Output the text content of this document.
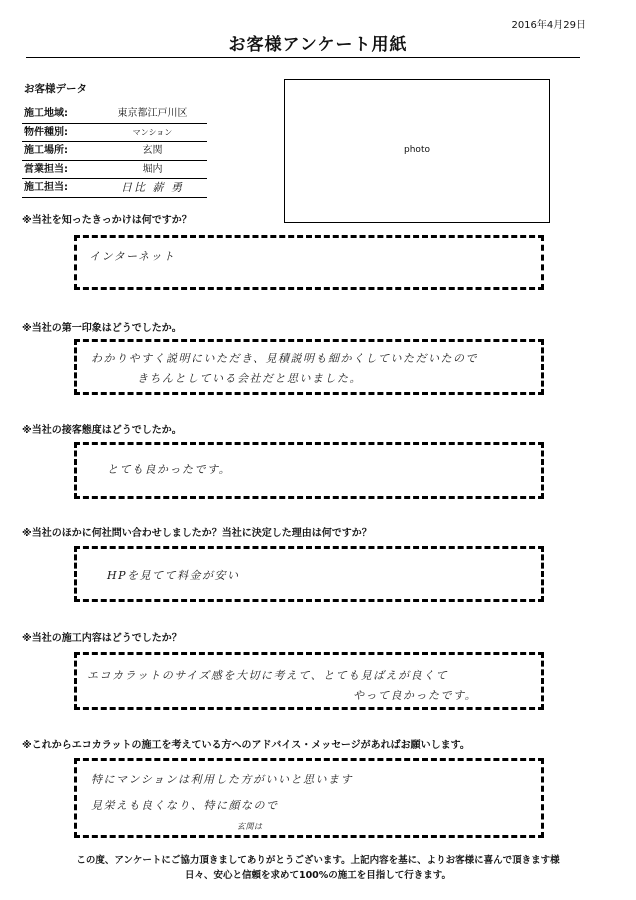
2016年4月29日
お客様アンケート用紙
お客様データ
施工地域:	東京都江戸川区
物件種別:	マンション
施工場所:	玄関
営業担当:	堀内
施工担当:	日比 薪 勇
photo
※当社を知ったきっかけは何ですか？
インターネット
※当社の第一印象はどうでしたか。
わかりやすく説明にいただき、見積説明も細かくしていただいたので
きちんとしている会社だと思いました。
※当社の接客態度はどうでしたか。
とても良かったです。
※当社のほかに何社問い合わせしましたか？当社に決定した理由は何ですか？
HPを見てて料金が安い
※当社の施工内容はどうでしたか？
エコカラットのサイズ感を大切に考えて、とても見ばえが良くて
やって良かったです。
※これからエコカラットの施工を考えている方へのアドバイス・メッセージがあればお願いします。
特にマンションは利用した方がいいと思います
見栄えも良くなり、特に顔なので
玄関は
この度、アンケートにご協力頂きましてありがとうございます。上記内容を基に、よりお客様に喜んで頂きます様
日々、安心と信頼を求めて100%の施工を目指して行きます。
